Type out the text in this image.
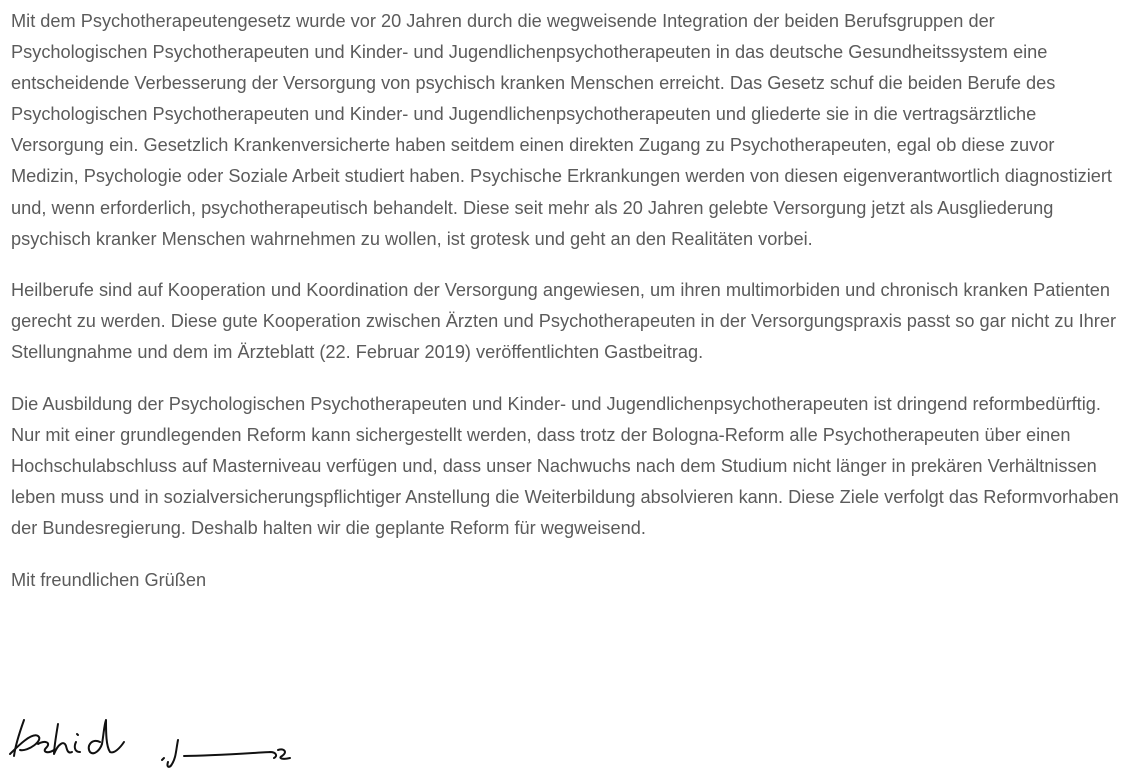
Mit dem Psychotherapeutengesetz wurde vor 20 Jahren durch die wegweisende Integration der beiden Berufsgruppen der Psychologischen Psychotherapeuten und Kinder- und Jugendlichenpsychotherapeuten in das deutsche Gesundheitssystem eine entscheidende Verbesserung der Versorgung von psychisch kranken Menschen erreicht. Das Gesetz schuf die beiden Berufe des Psychologischen Psychotherapeuten und Kinder- und Jugendlichenpsychotherapeuten und gliederte sie in die vertragsärztliche Versorgung ein. Gesetzlich Krankenversicherte haben seitdem einen direkten Zugang zu Psychotherapeuten, egal ob diese zuvor Medizin, Psychologie oder Soziale Arbeit studiert haben. Psychische Erkrankungen werden von diesen eigenverantwortlich diagnostiziert und, wenn erforderlich, psychotherapeutisch behandelt. Diese seit mehr als 20 Jahren gelebte Versorgung jetzt als Ausgliederung psychisch kranker Menschen wahrnehmen zu wollen, ist grotesk und geht an den Realitäten vorbei.

Heilberufe sind auf Kooperation und Koordination der Versorgung angewiesen, um ihren multimorbiden und chronisch kranken Patienten gerecht zu werden. Diese gute Kooperation zwischen Ärzten und Psychotherapeuten in der Versorgungspraxis passt so gar nicht zu Ihrer Stellungnahme und dem im Ärzteblatt (22. Februar 2019) veröffentlichten Gastbeitrag.

Die Ausbildung der Psychologischen Psychotherapeuten und Kinder- und Jugendlichenpsychotherapeuten ist dringend reformbedürftig. Nur mit einer grundlegenden Reform kann sichergestellt werden, dass trotz der Bologna-Reform alle Psychotherapeuten über einen Hochschulabschluss auf Masterniveau verfügen und, dass unser Nachwuchs nach dem Studium nicht länger in prekären Verhältnissen leben muss und in sozialversicherungspflichtiger Anstellung die Weiterbildung absolvieren kann. Diese Ziele verfolgt das Reformvorhaben der Bundesregierung. Deshalb halten wir die geplante Reform für wegweisend.

Mit freundlichen Grüßen
